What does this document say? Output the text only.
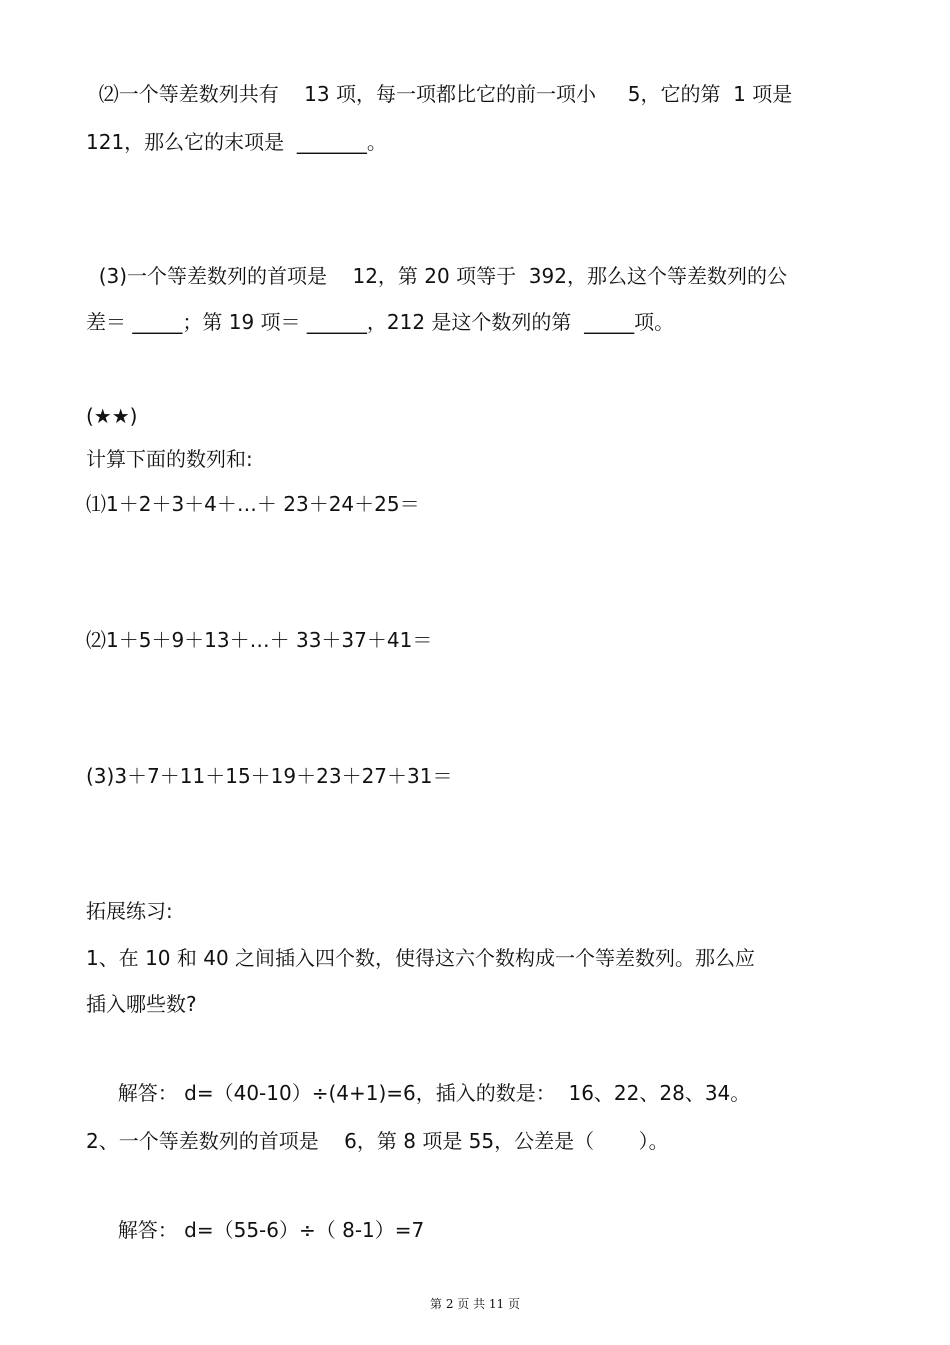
⑵一个等差数列共有    13 项，每一项都比它的前一项小     5，它的第  1 项是
121，那么它的末项是  _______。
(3)一个等差数列的首项是    12，第 20 项等于  392，那么这个等差数列的公
差＝ _____；第 19 项＝ ______，212 是这个数列的第  _____项。
(★★)
计算下面的数列和:
⑴1＋2＋3＋4＋…＋ 23＋24＋25＝
⑵1＋5＋9＋13＋…＋ 33＋37＋41＝
(3)3＋7＋11＋15＋19＋23＋27＋31＝
拓展练习:
1、在 10 和 40 之间插入四个数，使得这六个数构成一个等差数列。那么应
插入哪些数?
解答： d=（40-10）÷(4+1)=6，插入的数是：  16、22、28、34。
2、一个等差数列的首项是    6，第 8 项是 55，公差是（       ）。
解答： d=（55-6）÷（ 8-1）=7
第 2 页 共 11 页
